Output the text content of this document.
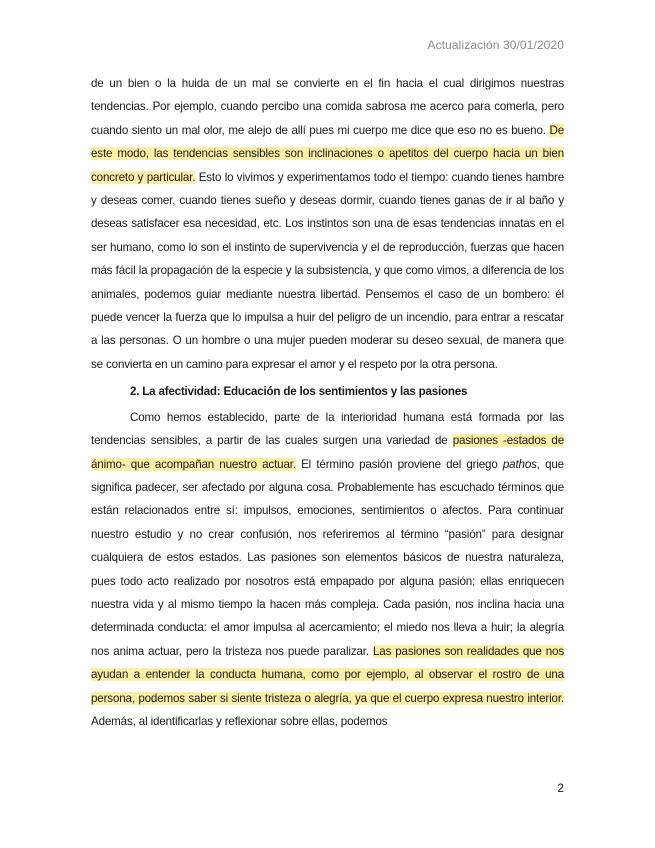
Actualización 30/01/2020

de un bien o la huida de un mal se convierte en el fin hacia el cual dirigimos nuestras tendencias. Por ejemplo, cuando percibo una comida sabrosa me acerco para comerla, pero cuando siento un mal olor, me alejo de allí pues mi cuerpo me dice que eso no es bueno. De este modo, las tendencias sensibles son inclinaciones o apetitos del cuerpo hacia un bien concreto y particular. Esto lo vivimos y experimentamos todo el tiempo: cuando tienes hambre y deseas comer, cuando tienes sueño y deseas dormir, cuando tienes ganas de ir al baño y deseas satisfacer esa necesidad, etc. Los instintos son una de esas tendencias innatas en el ser humano, como lo son el instinto de supervivencia y el de reproducción, fuerzas que hacen más fácil la propagación de la especie y la subsistencia, y que como vimos, a diferencia de los animales, podemos guiar mediante nuestra libertad. Pensemos el caso de un bombero: él puede vencer la fuerza que lo impulsa a huir del peligro de un incendio, para entrar a rescatar a las personas. O un hombre o una mujer pueden moderar su deseo sexual, de manera que se convierta en un camino para expresar el amor y el respeto por la otra persona.

2. La afectividad: Educación de los sentimientos y las pasiones

Como hemos establecido, parte de la interioridad humana está formada por las tendencias sensibles, a partir de las cuales surgen una variedad de pasiones -estados de ánimo- que acompañan nuestro actuar. El término pasión proviene del griego pathos, que significa padecer, ser afectado por alguna cosa. Probablemente has escuchado términos que están relacionados entre sí: impulsos, emociones, sentimientos o afectos. Para continuar nuestro estudio y no crear confusión, nos referiremos al término “pasión” para designar cualquiera de estos estados. Las pasiones son elementos básicos de nuestra naturaleza, pues todo acto realizado por nosotros está empapado por alguna pasión; ellas enriquecen nuestra vida y al mismo tiempo la hacen más compleja. Cada pasión, nos inclina hacia una determinada conducta: el amor impulsa al acercamiento; el miedo nos lleva a huir; la alegría nos anima actuar, pero la tristeza nos puede paralizar. Las pasiones son realidades que nos ayudan a entender la conducta humana, como por ejemplo, al observar el rostro de una persona, podemos saber si siente tristeza o alegría, ya que el cuerpo expresa nuestro interior. Además, al identificarlas y reflexionar sobre ellas, podemos

2
